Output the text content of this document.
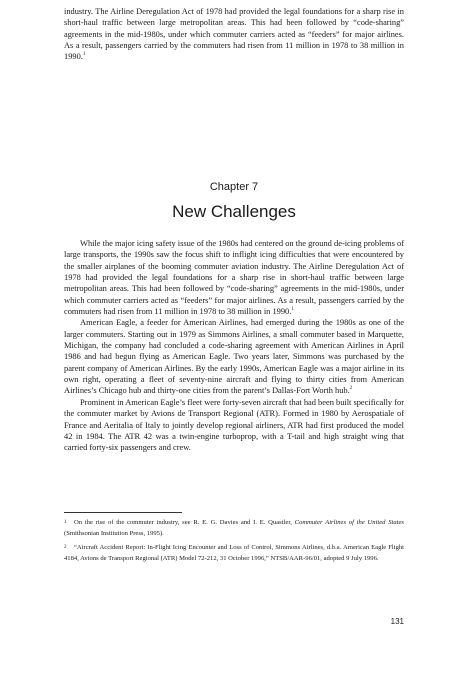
industry. The Airline Deregulation Act of 1978 had provided the legal foundations for a sharp rise in short-haul traffic between large metropolitan areas. This had been followed by “code-sharing” agreements in the mid-1980s, under which commuter carriers acted as “feeders” for major airlines. As a result, passengers carried by the commuters had risen from 11 million in 1978 to 38 million in 1990.$^1$

Chapter 7
New Challenges

While the major icing safety issue of the 1980s had centered on the ground de-icing problems of large transports, the 1990s saw the focus shift to inflight icing difficulties that were encountered by the smaller airplanes of the booming commuter aviation industry. The Airline Deregulation Act of 1978 had provided the legal foundations for a sharp rise in short-haul traffic between large metropolitan areas. This had been followed by “code-sharing” agreements in the mid-1980s, under which commuter carriers acted as “feeders” for major airlines. As a result, passengers carried by the commuters had risen from 11 million in 1978 to 38 million in 1990.$^1$

American Eagle, a feeder for American Airlines, had emerged during the 1980s as one of the larger commuters. Starting out in 1979 as Simmons Airlines, a small commuter based in Marquette, Michigan, the company had concluded a code-sharing agreement with American Airlines in April 1986 and had begun flying as American Eagle. Two years later, Simmons was purchased by the parent company of American Airlines. By the early 1990s, American Eagle was a major airline in its own right, operating a fleet of seventy-nine aircraft and flying to thirty cities from American Airlines’s Chicago hub and thirty-one cities from the parent’s Dallas-Fort Worth hub.$^2$

Prominent in American Eagle’s fleet were forty-seven aircraft that had been built specifically for the commuter market by Avions de Transport Regional (ATR). Formed in 1980 by Aerospatiale of France and Aeritalia of Italy to jointly develop regional airliners, ATR had first produced the model 42 in 1984. The ATR 42 was a twin-engine turboprop, with a T-tail and high straight wing that carried forty-six passengers and crew.

1 On the rise of the commuter industry, see R. E. G. Davies and I. E. Quastler, Commuter Airlines of the United States (Smithsonian Institution Press, 1995).

2 “Aircraft Accident Report: In-Flight Icing Encounter and Loss of Control, Simmons Airlines, d.b.a. American Eagle Flight 4184, Avions de Transport Regional (ATR) Model 72-212, 31 October 1996,” NTSB/AAR-96/01, adopted 9 July 1996.

131
